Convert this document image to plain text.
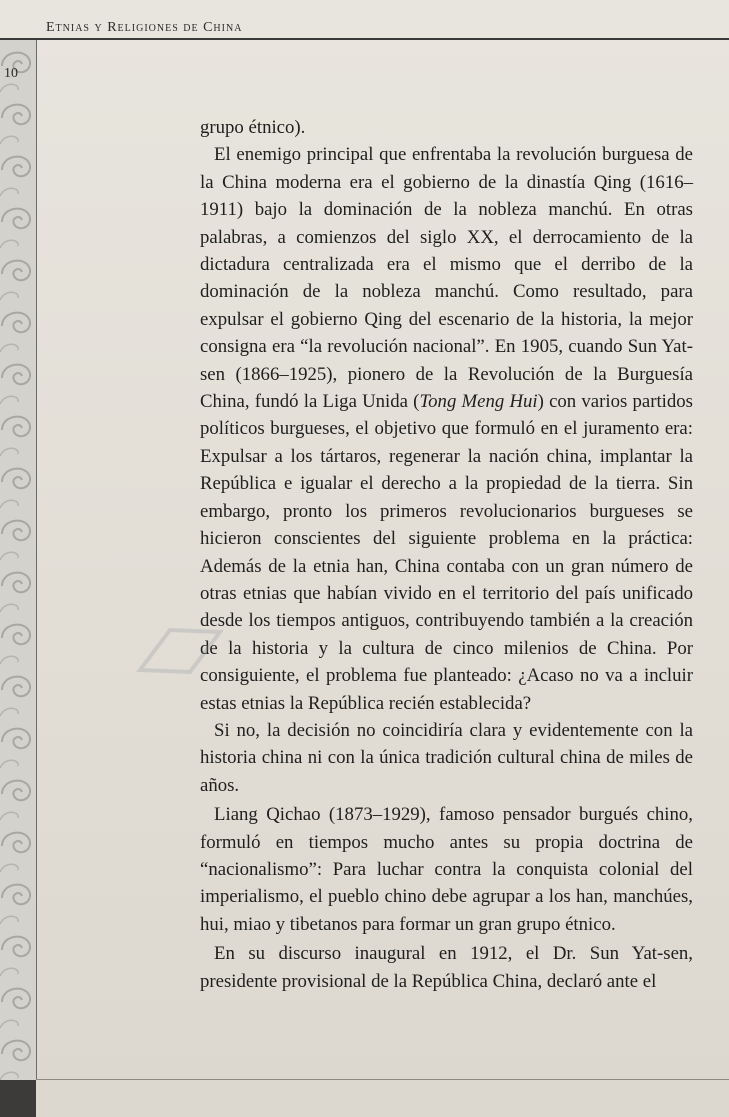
Etnias y Religiones de China
10

grupo étnico).

El enemigo principal que enfrentaba la revolución burguesa de la China moderna era el gobierno de la dinastía Qing (1616–1911) bajo la dominación de la nobleza manchú. En otras palabras, a comienzos del siglo XX, el derrocamiento de la dictadura centralizada era el mismo que el derribo de la dominación de la nobleza manchú. Como resultado, para expulsar el gobierno Qing del escenario de la historia, la mejor consigna era “la revolución nacional”. En 1905, cuando Sun Yat-sen (1866–1925), pionero de la Revolución de la Burguesía China, fundó la Liga Unida (Tong Meng Hui) con varios partidos políticos burgueses, el objetivo que formuló en el juramento era: Expulsar a los tártaros, regenerar la nación china, implantar la República e igualar el derecho a la propiedad de la tierra. Sin embargo, pronto los primeros revolucionarios burgueses se hicieron conscientes del siguiente problema en la práctica: Además de la etnia han, China contaba con un gran número de otras etnias que habían vivido en el territorio del país unificado desde los tiempos antiguos, contribuyendo también a la creación de la historia y la cultura de cinco milenios de China. Por consiguiente, el problema fue planteado: ¿Acaso no va a incluir estas etnias la República recién establecida?

Si no, la decisión no coincidiría clara y evidentemente con la historia china ni con la única tradición cultural china de miles de años.

Liang Qichao (1873–1929), famoso pensador burgués chino, formuló en tiempos mucho antes su propia doctrina de “nacionalismo”: Para luchar contra la conquista colonial del imperialismo, el pueblo chino debe agrupar a los han, manchúes, hui, miao y tibetanos para formar un gran grupo étnico.

En su discurso inaugural en 1912, el Dr. Sun Yat-sen, presidente provisional de la República China, declaró ante el
